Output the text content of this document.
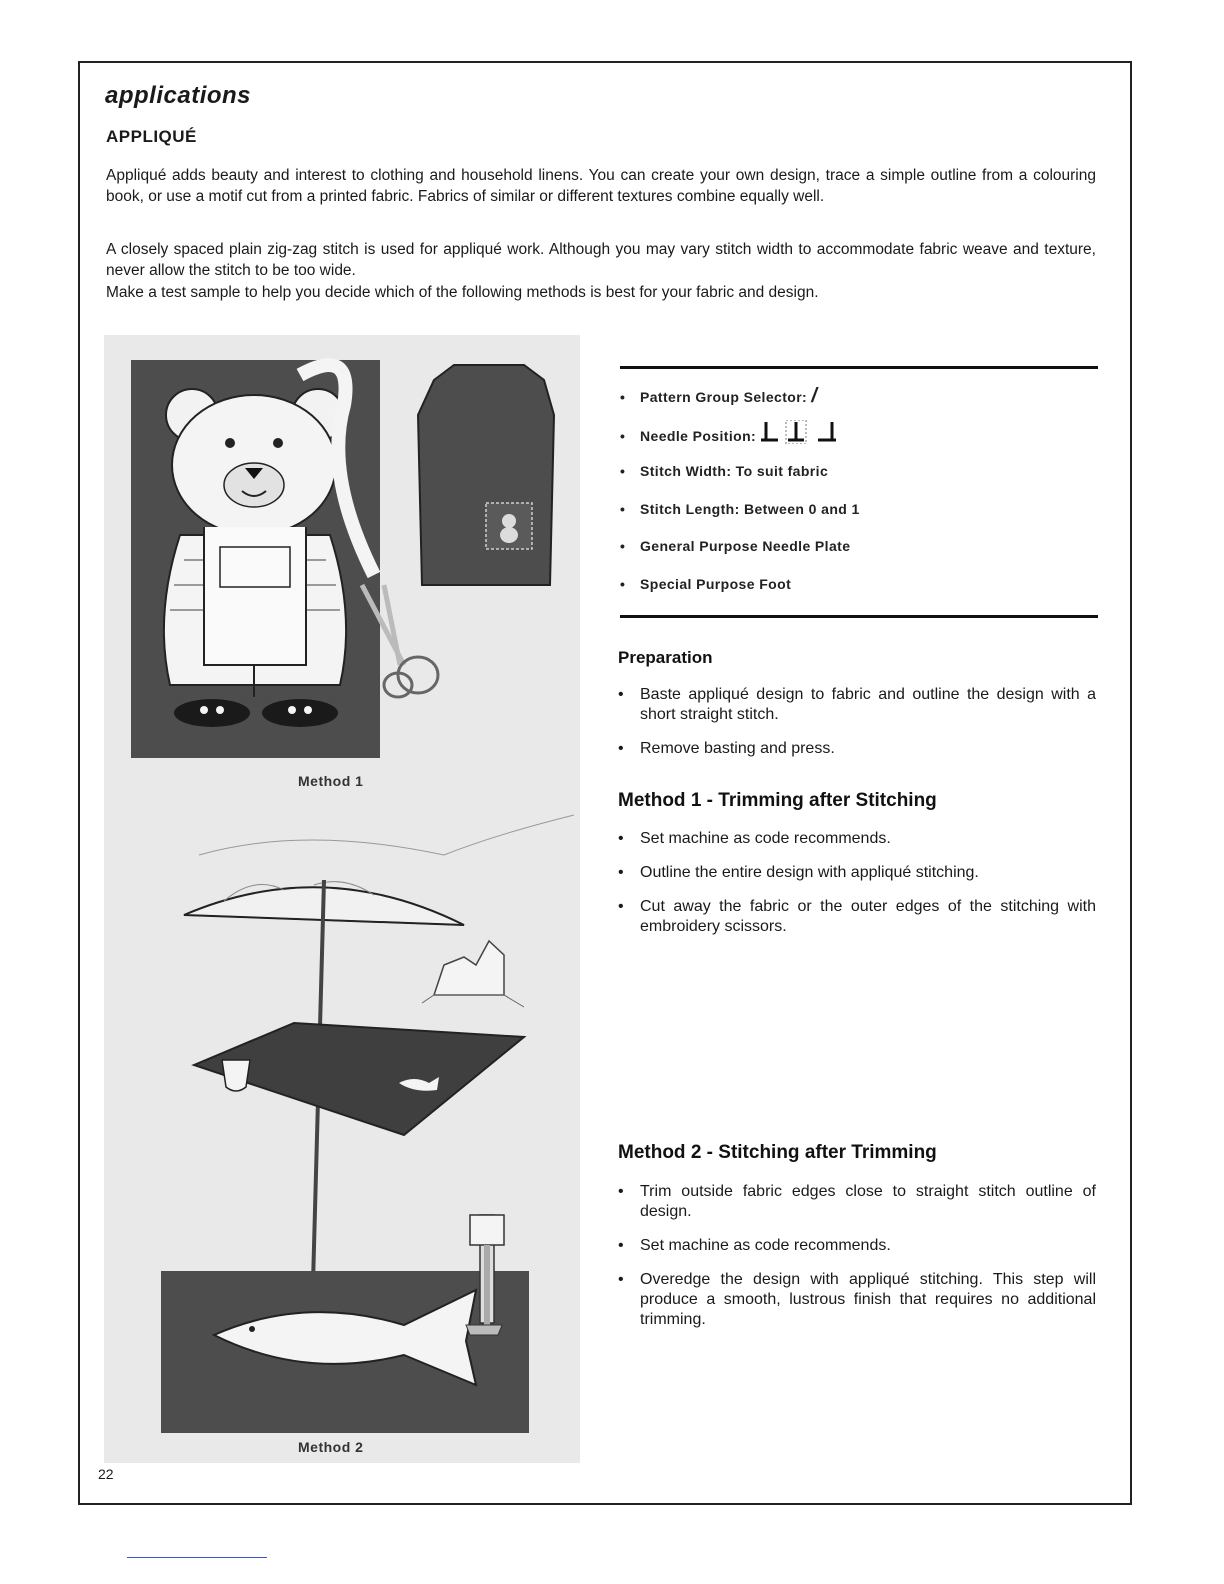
applications
APPLIQUÉ

Appliqué adds beauty and interest to clothing and household linens. You can create your own design, trace a simple outline from a colouring book, or use a motif cut from a printed fabric. Fabrics of similar or different textures combine equally well.

A closely spaced plain zig-zag stitch is used for appliqué work. Although you may vary stitch width to accommodate fabric weave and texture, never allow the stitch to be too wide.

Make a test sample to help you decide which of the following methods is best for your fabric and design.

Method 1
Method 2
• Pattern Group Selector: /
• Needle Position:
• Stitch Width: To suit fabric
• Stitch Length: Between 0 and 1
• General Purpose Needle Plate
• Special Purpose Foot
Preparation
• Baste appliqué design to fabric and outline the design with a short straight stitch.
• Remove basting and press.
Method 1 - Trimming after Stitching
• Set machine as code recommends.
• Outline the entire design with appliqué stitching.
• Cut away the fabric or the outer edges of the stitching with embroidery scissors.
Method 2 - Stitching after Trimming
• Trim outside fabric edges close to straight stitch outline of design.
• Set machine as code recommends.
• Overedge the design with appliqué stitching. This step will produce a smooth, lustrous finish that requires no additional trimming.
22
